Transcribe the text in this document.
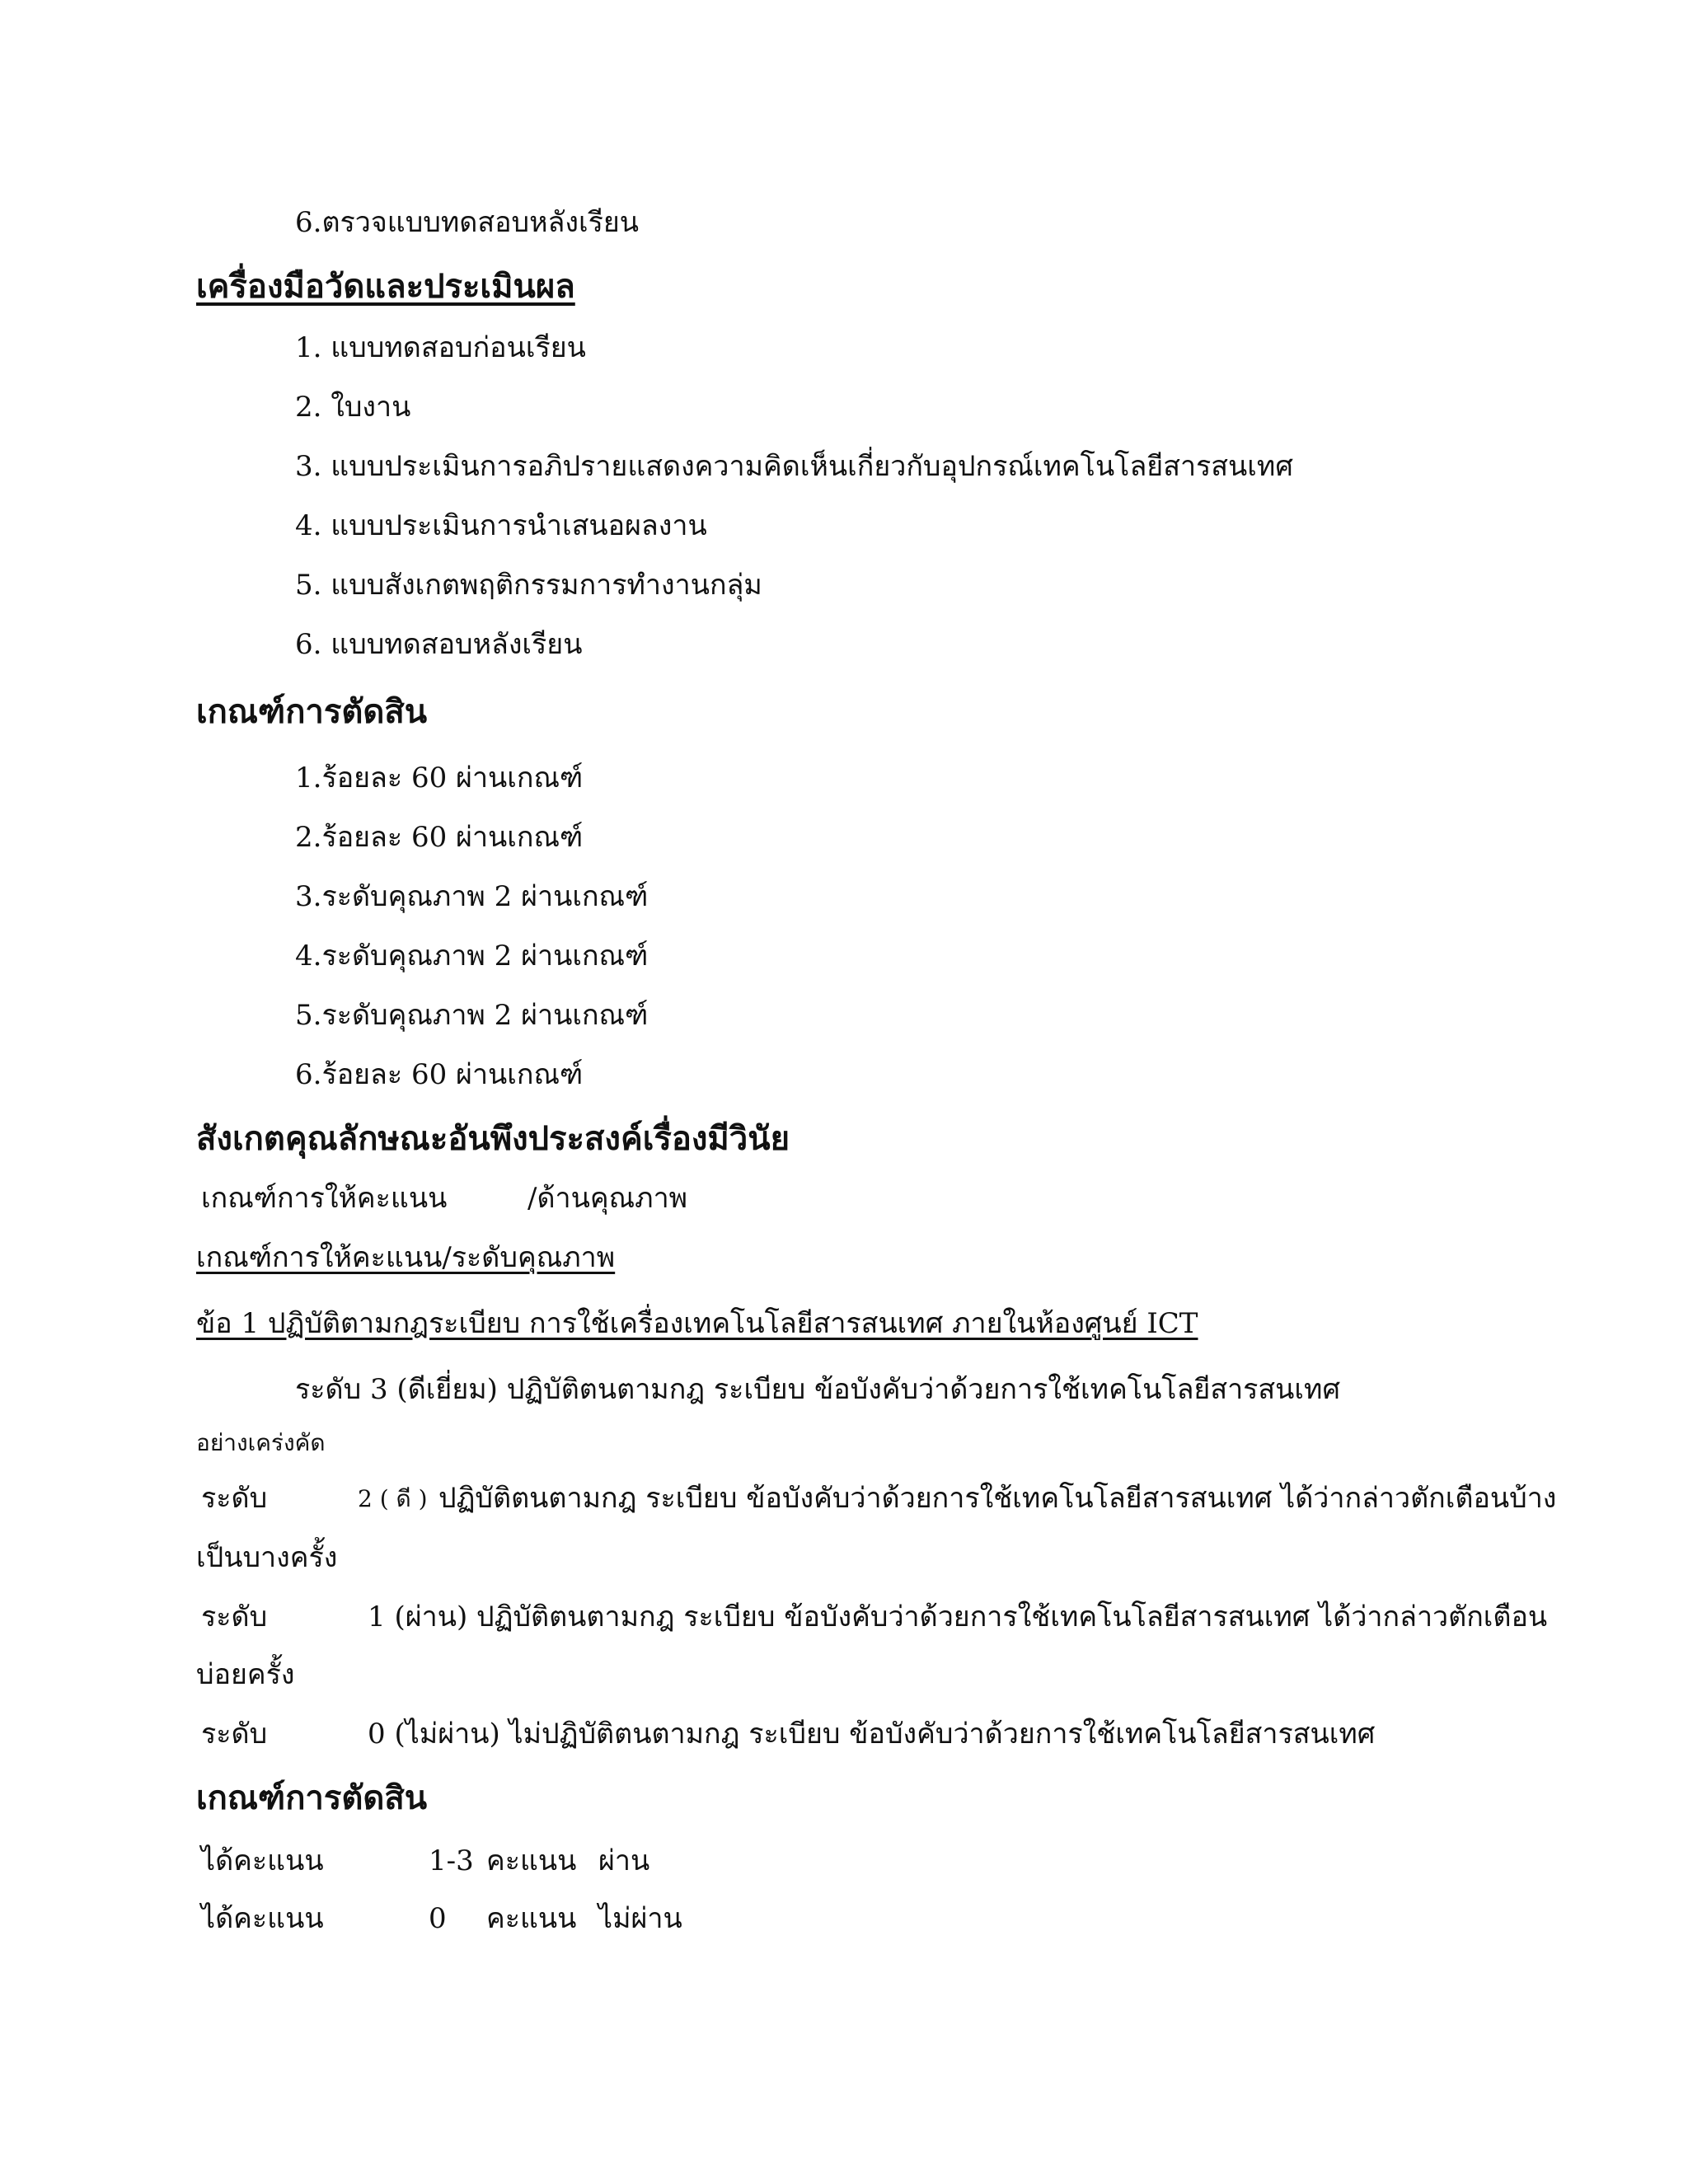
6.ตรวจแบบทดสอบหลังเรียน
เครื่องมือวัดและประเมินผล
1. แบบทดสอบก่อนเรียน
2. ใบงาน
3. แบบประเมินการอภิปรายแสดงความคิดเห็นเกี่ยวกับอุปกรณ์เทคโนโลยีสารสนเทศ
4. แบบประเมินการนำเสนอผลงาน
5. แบบสังเกตพฤติกรรมการทำงานกลุ่ม
6. แบบทดสอบหลังเรียน
เกณฑ์การตัดสิน
1.ร้อยละ 60 ผ่านเกณฑ์
2.ร้อยละ 60 ผ่านเกณฑ์
3.ระดับคุณภาพ 2 ผ่านเกณฑ์
4.ระดับคุณภาพ 2 ผ่านเกณฑ์
5.ระดับคุณภาพ 2 ผ่านเกณฑ์
6.ร้อยละ 60 ผ่านเกณฑ์
สังเกตคุณลักษณะอันพึงประสงค์เรื่องมีวินัย
เกณฑ์การให้คะแนน	/ด้านคุณภาพ
เกณฑ์การให้คะแนน/ระดับคุณภาพ
ข้อ 1 ปฏิบัติตามกฎระเบียบ การใช้เครื่องเทคโนโลยีสารสนเทศ ภายในห้องศูนย์ ICT
ระดับ 3 (ดีเยี่ยม) ปฏิบัติตนตามกฎ ระเบียบ ข้อบังคับว่าด้วยการใช้เทคโนโลยีสารสนเทศ
อย่างเคร่งคัด
ระดับ	2 ( ดี ) ปฏิบัติตนตามกฎ ระเบียบ ข้อบังคับว่าด้วยการใช้เทคโนโลยีสารสนเทศ ได้ว่ากล่าวตักเตือนบ้าง
เป็นบางครั้ง
ระดับ	1 (ผ่าน) ปฏิบัติตนตามกฎ ระเบียบ ข้อบังคับว่าด้วยการใช้เทคโนโลยีสารสนเทศ ได้ว่ากล่าวตักเตือน
บ่อยครั้ง
ระดับ	0 (ไม่ผ่าน) ไม่ปฏิบัติตนตามกฎ ระเบียบ ข้อบังคับว่าด้วยการใช้เทคโนโลยีสารสนเทศ
เกณฑ์การตัดสิน
ได้คะแนน	1-3 คะแนน ผ่าน
ได้คะแนน	0 คะแนน ไม่ผ่าน
